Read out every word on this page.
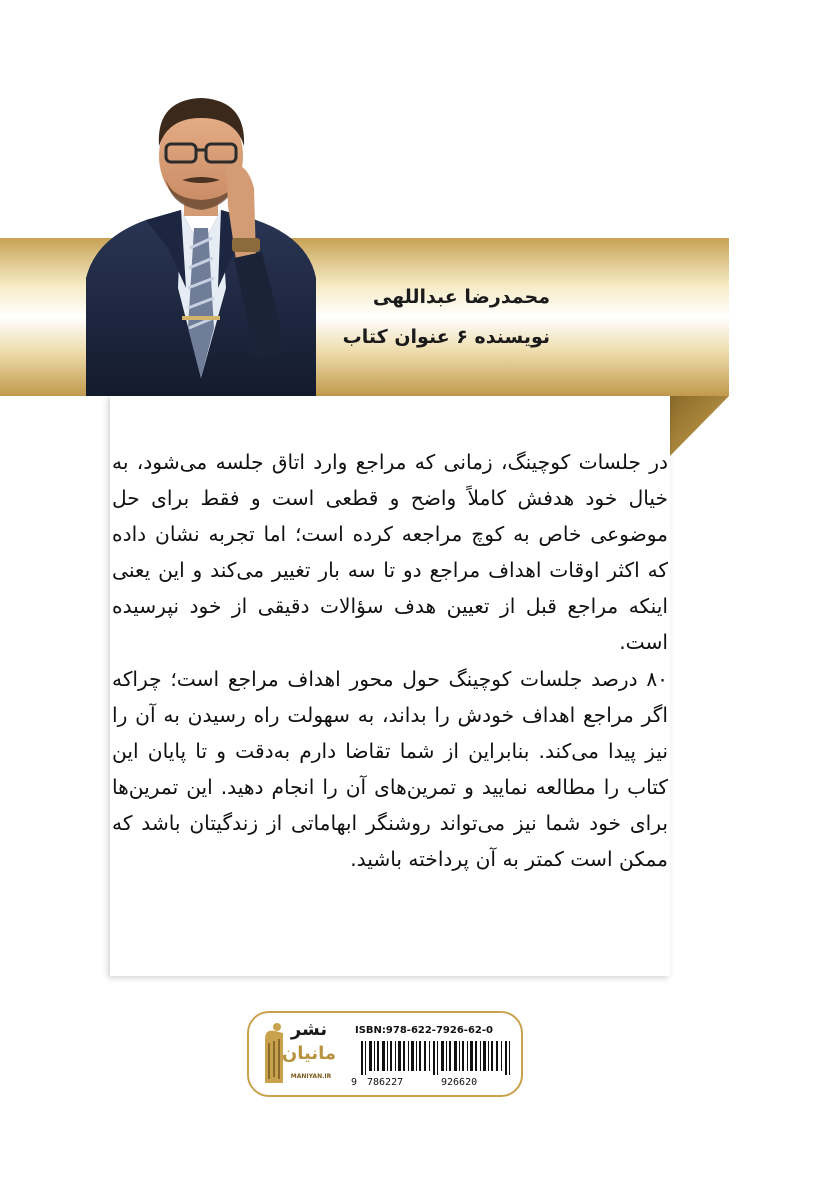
محمدرضا عبداللهی
نویسنده ۶ عنوان کتاب

در جلسات کوچینگ، زمانی که مراجع وارد اتاق جلسه می‌شود، به خیال خود هدفش کاملاً واضح و قطعی است و فقط برای حل موضوعی خاص به کوچ مراجعه کرده است؛ اما تجربه نشان داده که اکثر اوقات اهداف مراجع دو تا سه بار تغییر می‌کند و این یعنی اینکه مراجع قبل از تعیین هدف سؤالات دقیقی از خود نپرسیده است.

۸۰ درصد جلسات کوچینگ حول محور اهداف مراجع است؛ چراکه اگر مراجع اهداف خودش را بداند، به سهولت راه رسیدن به آن را نیز پیدا می‌کند. بنابراین از شما تقاضا دارم به‌دقت و تا پایان این کتاب را مطالعه نمایید و تمرین‌های آن را انجام دهید. این تمرین‌ها برای خود شما نیز می‌تواند روشنگر ابهاماتی از زندگیتان باشد که ممکن است کمتر به آن پرداخته باشید.

نشر
مانیان
MANIYAN.IR
ISBN:978-622-7926-62-0
9 786227	926620
